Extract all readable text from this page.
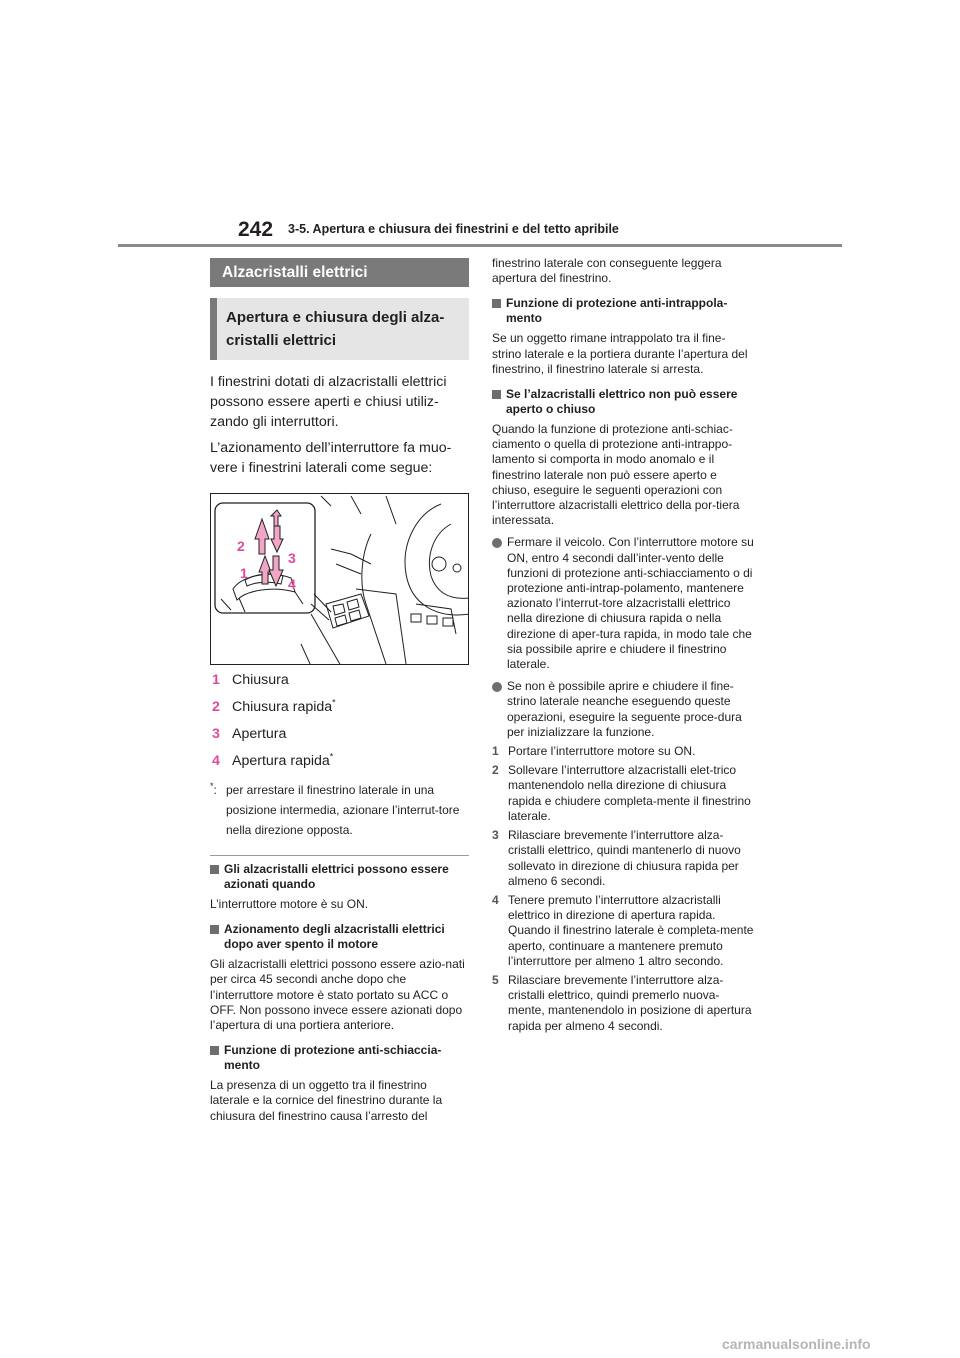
242 3-5. Apertura e chiusura dei finestrini e del tetto apribile
Alzacristalli elettrici
Apertura e chiusura degli alza-cristalli elettrici
I finestrini dotati di alzacristalli elettrici possono essere aperti e chiusi utiliz-zando gli interruttori.
L’azionamento dell’interruttore fa muo-vere i finestrini laterali come segue:
2
3
1
4
1 Chiusura
2 Chiusura rapida*
3 Apertura
4 Apertura rapida*
*: per arrestare il finestrino laterale in una posizione intermedia, azionare l’interrut-tore nella direzione opposta.
Gli alzacristalli elettrici possono essere azionati quando
L’interruttore motore è su ON.
Azionamento degli alzacristalli elettrici dopo aver spento il motore
Gli alzacristalli elettrici possono essere azio-nati per circa 45 secondi anche dopo che l’interruttore motore è stato portato su ACC o OFF. Non possono invece essere azionati dopo l’apertura di una portiera anteriore.
Funzione di protezione anti-schiaccia-mento
La presenza di un oggetto tra il finestrino laterale e la cornice del finestrino durante la chiusura del finestrino causa l’arresto del
finestrino laterale con conseguente leggera apertura del finestrino.
Funzione di protezione anti-intrappola-mento
Se un oggetto rimane intrappolato tra il fine-strino laterale e la portiera durante l’apertura del finestrino, il finestrino laterale si arresta.
Se l’alzacristalli elettrico non può essere aperto o chiuso
Quando la funzione di protezione anti-schiac-ciamento o quella di protezione anti-intrappo-lamento si comporta in modo anomalo e il finestrino laterale non può essere aperto e chiuso, eseguire le seguenti operazioni con l’interruttore alzacristalli elettrico della por-tiera interessata.
Fermare il veicolo. Con l’interruttore motore su ON, entro 4 secondi dall’inter-vento delle funzioni di protezione anti-schiacciamento o di protezione anti-intrap-polamento, mantenere azionato l’interrut-tore alzacristalli elettrico nella direzione di chiusura rapida o nella direzione di aper-tura rapida, in modo tale che sia possibile aprire e chiudere il finestrino laterale.
Se non è possibile aprire e chiudere il fine-strino laterale neanche eseguendo queste operazioni, eseguire la seguente proce-dura per inizializzare la funzione.
1 Portare l’interruttore motore su ON.
2 Sollevare l’interruttore alzacristalli elet-trico mantenendolo nella direzione di chiusura rapida e chiudere completa-mente il finestrino laterale.
3 Rilasciare brevemente l’interruttore alza-cristalli elettrico, quindi mantenerlo di nuovo sollevato in direzione di chiusura rapida per almeno 6 secondi.
4 Tenere premuto l’interruttore alzacristalli elettrico in direzione di apertura rapida. Quando il finestrino laterale è completa-mente aperto, continuare a mantenere premuto l’interruttore per almeno 1 altro secondo.
5 Rilasciare brevemente l’interruttore alza-cristalli elettrico, quindi premerlo nuova-mente, mantenendolo in posizione di apertura rapida per almeno 4 secondi.
carmanualsonline.info
